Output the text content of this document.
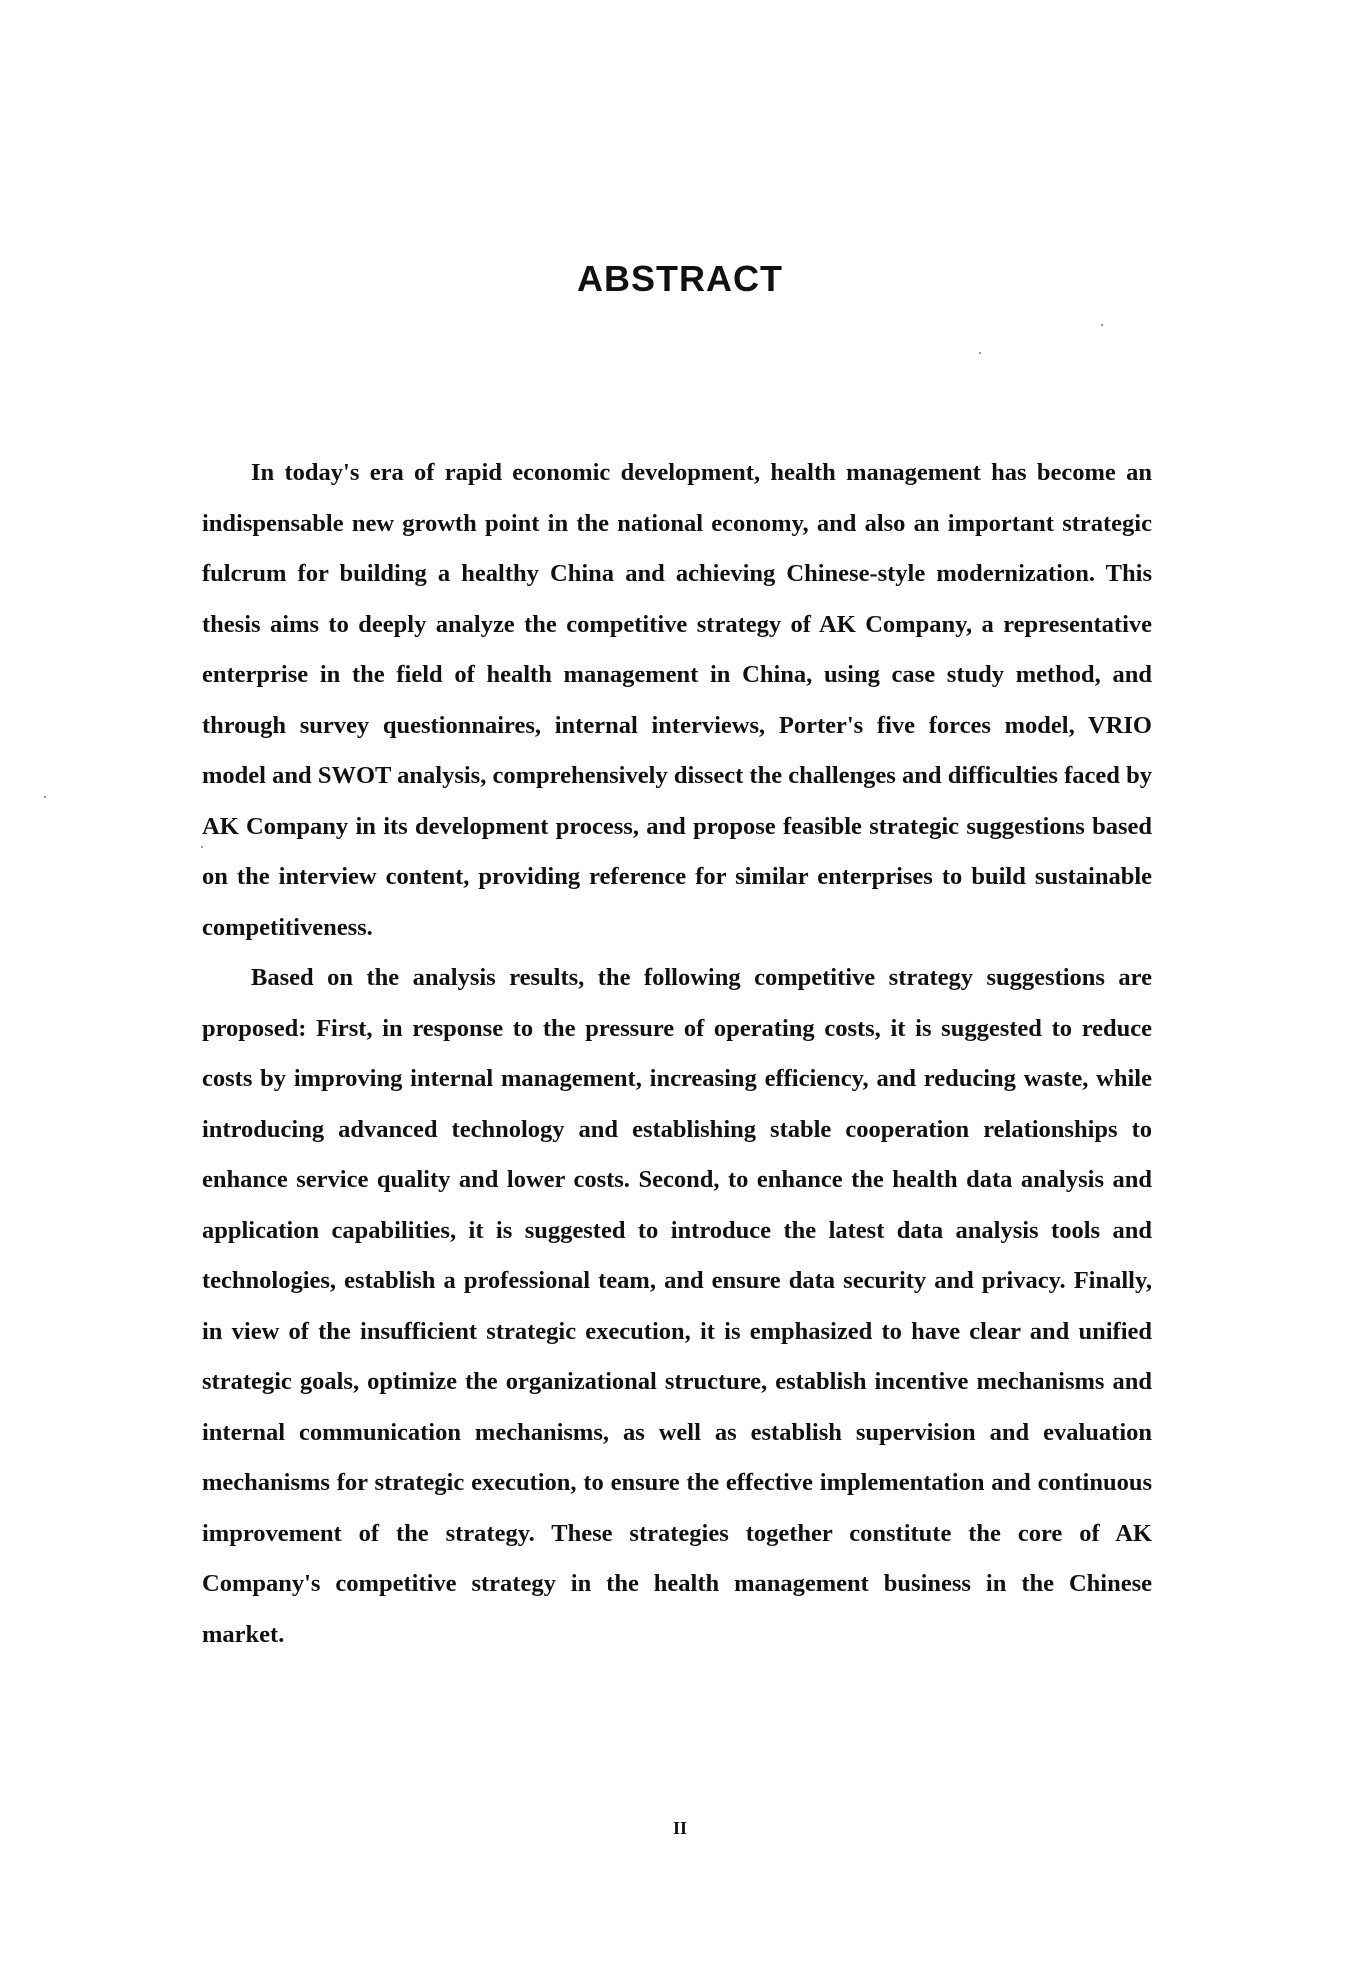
ABSTRACT

In today's era of rapid economic development, health management has become an indispensable new growth point in the national economy, and also an important strategic fulcrum for building a healthy China and achieving Chinese-style modernization. This thesis aims to deeply analyze the competitive strategy of AK Company, a representative enterprise in the field of health management in China, using case study method, and through survey questionnaires, internal interviews, Porter's five forces model, VRIO model and SWOT analysis, comprehensively dissect the challenges and difficulties faced by AK Company in its development process, and propose feasible strategic suggestions based on the interview content, providing reference for similar enterprises to build sustainable competitiveness.

Based on the analysis results, the following competitive strategy suggestions are proposed: First, in response to the pressure of operating costs, it is suggested to reduce costs by improving internal management, increasing efficiency, and reducing waste, while introducing advanced technology and establishing stable cooperation relationships to enhance service quality and lower costs. Second, to enhance the health data analysis and application capabilities, it is suggested to introduce the latest data analysis tools and technologies, establish a professional team, and ensure data security and privacy. Finally, in view of the insufficient strategic execution, it is emphasized to have clear and unified strategic goals, optimize the organizational structure, establish incentive mechanisms and internal communication mechanisms, as well as establish supervision and evaluation mechanisms for strategic execution, to ensure the effective implementation and continuous improvement of the strategy. These strategies together constitute the core of AK Company's competitive strategy in the health management business in the Chinese market.

II
